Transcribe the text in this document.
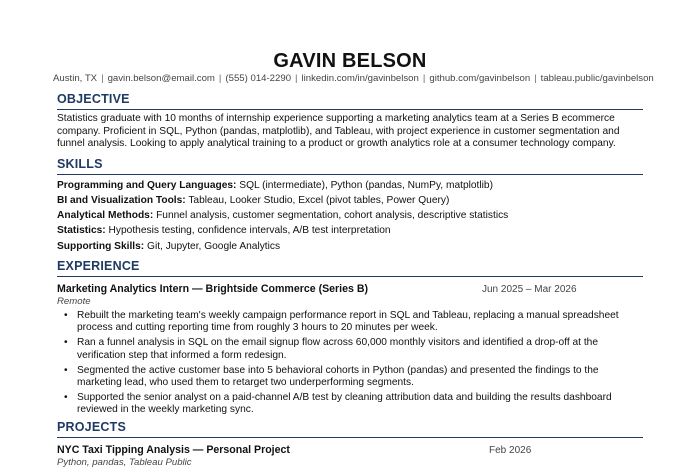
GAVIN BELSON
Austin, TX | gavin.belson@email.com | (555) 014-2290 | linkedin.com/in/gavinbelson | github.com/gavinbelson | tableau.public/gavinbelson
OBJECTIVE
Statistics graduate with 10 months of internship experience supporting a marketing analytics team at a Series B ecommerce company. Proficient in SQL, Python (pandas, matplotlib), and Tableau, with project experience in customer segmentation and funnel analysis. Looking to apply analytical training to a product or growth analytics role at a consumer technology company.
SKILLS
Programming and Query Languages: SQL (intermediate), Python (pandas, NumPy, matplotlib)
BI and Visualization Tools: Tableau, Looker Studio, Excel (pivot tables, Power Query)
Analytical Methods: Funnel analysis, customer segmentation, cohort analysis, descriptive statistics
Statistics: Hypothesis testing, confidence intervals, A/B test interpretation
Supporting Skills: Git, Jupyter, Google Analytics
EXPERIENCE
Marketing Analytics Intern — Brightside Commerce (Series B)	Jun 2025 – Mar 2026
Remote
• Rebuilt the marketing team's weekly campaign performance report in SQL and Tableau, replacing a manual spreadsheet process and cutting reporting time from roughly 3 hours to 20 minutes per week.
• Ran a funnel analysis in SQL on the email signup flow across 60,000 monthly visitors and identified a drop-off at the verification step that informed a form redesign.
• Segmented the active customer base into 5 behavioral cohorts in Python (pandas) and presented the findings to the marketing lead, who used them to retarget two underperforming segments.
• Supported the senior analyst on a paid-channel A/B test by cleaning attribution data and building the results dashboard reviewed in the weekly marketing sync.
PROJECTS
NYC Taxi Tipping Analysis — Personal Project	Feb 2026
Python, pandas, Tableau Public
